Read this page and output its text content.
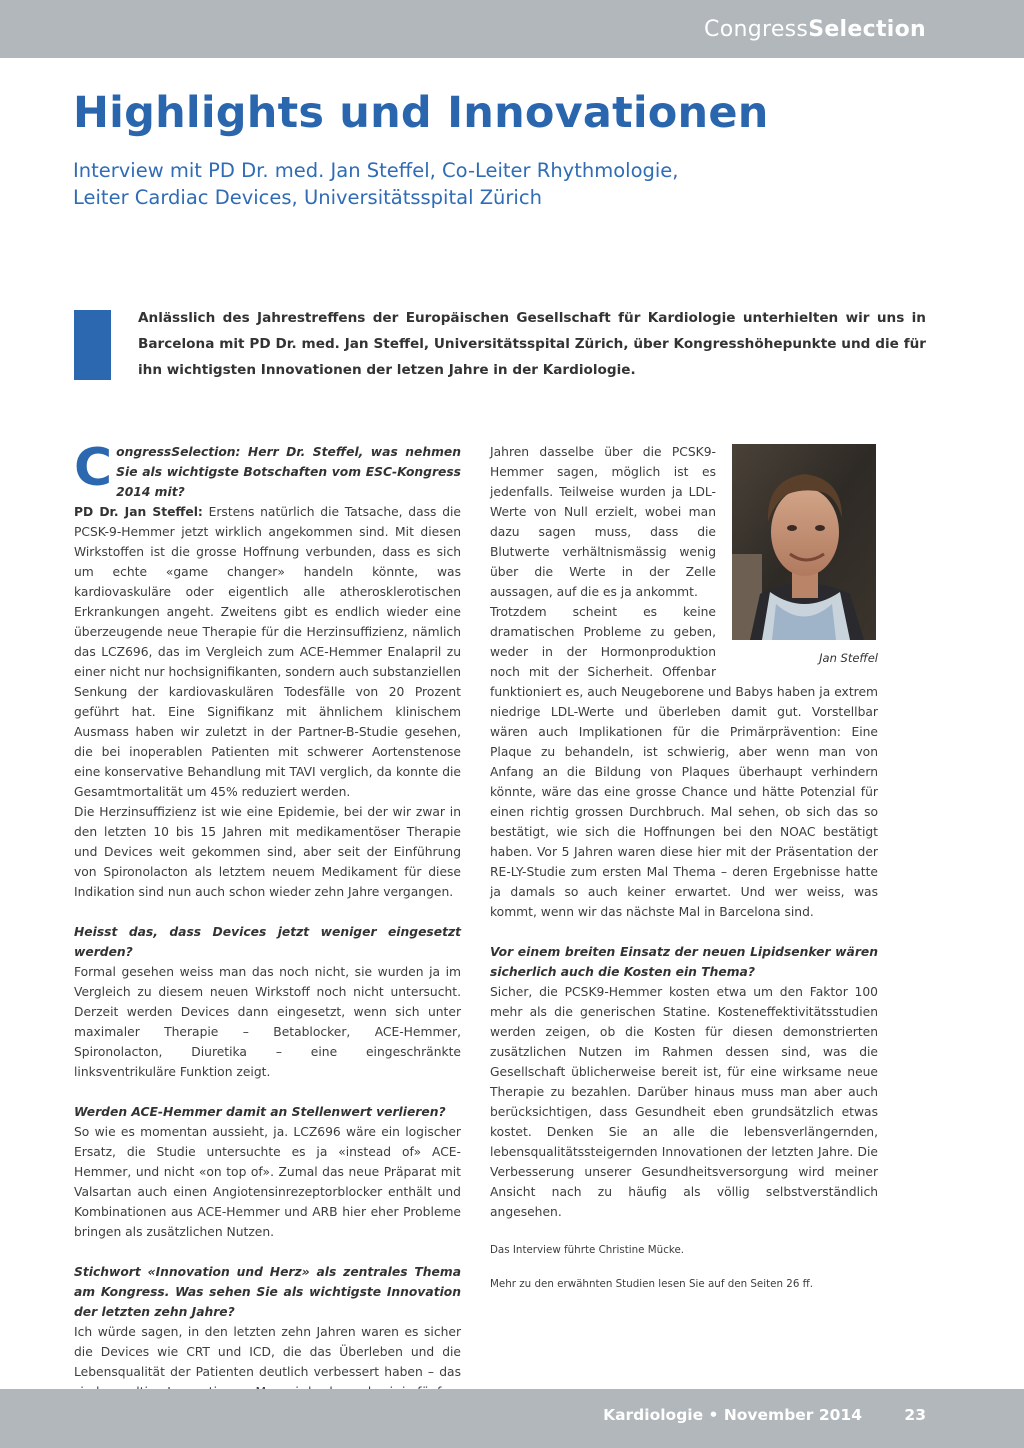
CongressSelection
Highlights und Innovationen
Interview mit PD Dr. med. Jan Steffel, Co-Leiter Rhythmologie,
Leiter Cardiac Devices, Universitätsspital Zürich

Anlässlich des Jahrestreffens der Europäischen Gesellschaft für Kardiologie unterhielten wir uns in Barcelona mit PD Dr. med. Jan Steffel, Universitätsspital Zürich, über Kongresshöhepunkte und die für ihn wichtigsten Innovationen der letzen Jahre in der Kardiologie.

CongressSelection: Herr Dr. Steffel, was nehmen Sie als wichtigste Botschaften vom ESC-Kongress 2014 mit?
PD Dr. Jan Steffel: Erstens natürlich die Tatsache, dass die PCSK-9-Hemmer jetzt wirklich angekommen sind. Mit diesen Wirkstoffen ist die grosse Hoffnung verbunden, dass es sich um echte «game changer» handeln könnte, was kardiovaskuläre oder eigentlich alle atherosklerotischen Erkrankungen angeht. Zweitens gibt es endlich wieder eine überzeugende neue Therapie für die Herzinsuffizienz, nämlich das LCZ696, das im Vergleich zum ACE-Hemmer Enalapril zu einer nicht nur hochsignifikanten, sondern auch substanziellen Senkung der kardiovaskulären Todesfälle von 20 Prozent geführt hat. Eine Signifikanz mit ähnlichem klinischem Ausmass haben wir zuletzt in der Partner-B-Studie gesehen, die bei inoperablen Patienten mit schwerer Aortenstenose eine konservative Behandlung mit TAVI verglich, da konnte die Gesamtmortalität um 45% reduziert werden.

Die Herzinsuffizienz ist wie eine Epidemie, bei der wir zwar in den letzten 10 bis 15 Jahren mit medikamentöser Therapie und Devices weit gekommen sind, aber seit der Einführung von Spironolacton als letztem neuem Medikament für diese Indikation sind nun auch schon wieder zehn Jahre vergangen.

Heisst das, dass Devices jetzt weniger eingesetzt werden?

Formal gesehen weiss man das noch nicht, sie wurden ja im Vergleich zu diesem neuen Wirkstoff noch nicht untersucht. Derzeit werden Devices dann eingesetzt, wenn sich unter maximaler Therapie – Betablocker, ACE-Hemmer, Spironolacton, Diuretika – eine eingeschränkte linksventrikuläre Funktion zeigt.

Werden ACE-Hemmer damit an Stellenwert verlieren?

So wie es momentan aussieht, ja. LCZ696 wäre ein logischer Ersatz, die Studie untersuchte es ja «instead of» ACE-Hemmer, und nicht «on top of». Zumal das neue Präparat mit Valsartan auch einen Angiotensinrezeptorblocker enthält und Kombinationen aus ACE-Hemmer und ARB hier eher Probleme bringen als zusätzlichen Nutzen.

Stichwort «Innovation und Herz» als zentrales Thema am Kongress. Was sehen Sie als wichtigste Innovation der letzten zehn Jahre?

Ich würde sagen, in den letzten zehn Jahren waren es sicher die Devices wie CRT und ICD, die das Überleben und die Lebensqualität der Patienten deutlich verbessert haben – das

Jan Steffel

Jahren dasselbe über die PCSK9-Hemmer sagen, möglich ist es jedenfalls. Teilweise wurden ja LDL-Werte von Null erzielt, wobei man dazu sagen muss, dass die Blutwerte verhältnismässig wenig über die Werte in der Zelle aussagen, auf die es ja ankommt.

Trotzdem scheint es keine dramatischen Probleme zu geben, weder in der Hormonproduktion noch mit der Sicherheit. Offenbar funktioniert es, auch Neugeborene und Babys haben ja extrem niedrige LDL-Werte und überleben damit gut. Vorstellbar wären auch Implikationen für die Primärprävention: Eine Plaque zu behandeln, ist schwierig, aber wenn man von Anfang an die Bildung von Plaques überhaupt verhindern könnte, wäre das eine grosse Chance und hätte Potenzial für einen richtig grossen Durchbruch. Mal sehen, ob sich das so bestätigt, wie sich die Hoffnungen bei den NOAC bestätigt haben. Vor 5 Jahren waren diese hier mit der Präsentation der RE-LY-Studie zum ersten Mal Thema – deren Ergebnisse hatte ja damals so auch keiner erwartet. Und wer weiss, was kommt, wenn wir das nächste Mal in Barcelona sind.

Vor einem breiten Einsatz der neuen Lipidsenker wären sicherlich auch die Kosten ein Thema?

Sicher, die PCSK9-Hemmer kosten etwa um den Faktor 100 mehr als die generischen Statine. Kosteneffektivitätsstudien werden zeigen, ob die Kosten für diesen demonstrierten zusätzlichen Nutzen im Rahmen dessen sind, was die Gesellschaft üblicherweise bereit ist, für eine wirksame neue Therapie zu bezahlen. Darüber hinaus muss man aber auch berücksichtigen, dass Gesundheit eben grundsätzlich etwas kostet. Denken Sie an alle die lebensverlängernden, lebensqualitätssteigernden Innovationen der letzten Jahre. Die Verbesserung unserer Gesundheitsversorgung wird meiner Ansicht nach zu häufig als völlig selbstverständlich angesehen.

Das Interview führte Christine Mücke.

Mehr zu den erwähnten Studien lesen Sie auf den Seiten 26 ff.

Kardiologie • November 2014	23
